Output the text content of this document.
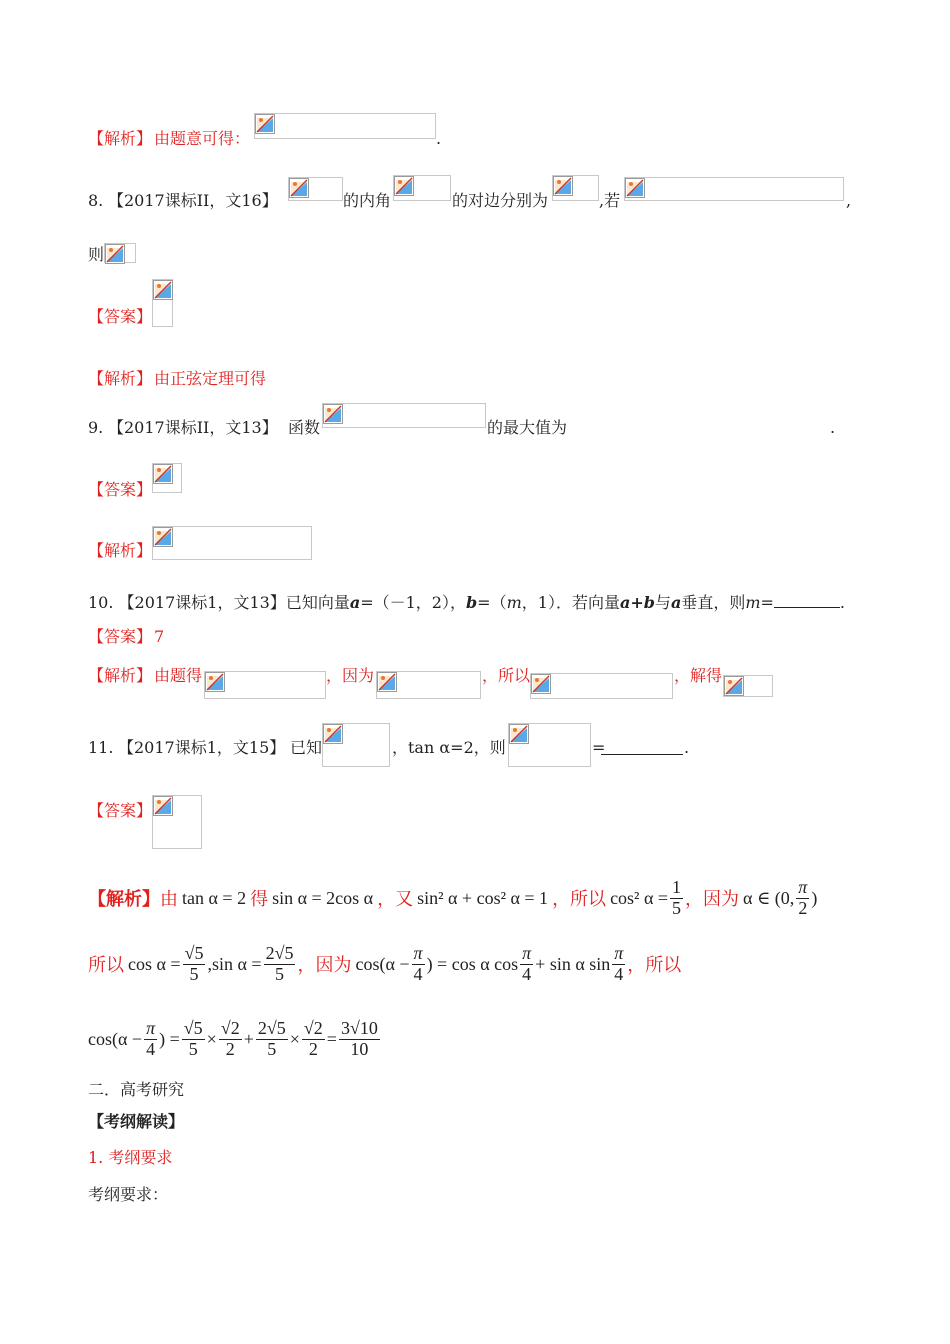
【解析】 由题意可得：	.
8. 【2017课标II，文16】	的内角	的对边分别为	,若	,
则
【答案】
【解析】 由正弦定理可得
9. 【2017课标II，文13】 函数	的最大值为	.
【答案】
【解析】
10. 【2017课标1，文13】已知向量a=（－1，2），b=（m，1）．若向量a+b与a垂直，则m=	.
【答案】 7
【解析】 由题得	，因为	，所以	，解得
11. 【2017课标1，文15】 已知	，tan α=2，则	=	.
【答案】
【解析】 由 tan α = 2 得 sin α = 2cos α ，又 sin² α + cos² α = 1 ，所以 cos² $\alpha = \frac{1}{5}$ ，因为 α ∈ (0, $\frac{\pi}{2}$ )
所以 $\cos \alpha = \frac{√5}{5} ,\sin$ $\alpha = \frac{2√5}{5}$ ，因为 $\cos(\alpha - \frac{\pi}{4}$ ) = cos α $\cos \frac{\pi}{4} + \sin \alpha$ $\sin \frac{\pi}{4}$ ，所以
$\cos(\alpha - \frac{\pi}{4}$ ) = $\frac{√5}{5} \times \frac{√2}{2} + \frac{2√5}{5} \times \frac{√2}{2} = \frac{3√10}{10}$
二．高考研究
【考纲解读】
1. 考纲要求
考纲要求：
